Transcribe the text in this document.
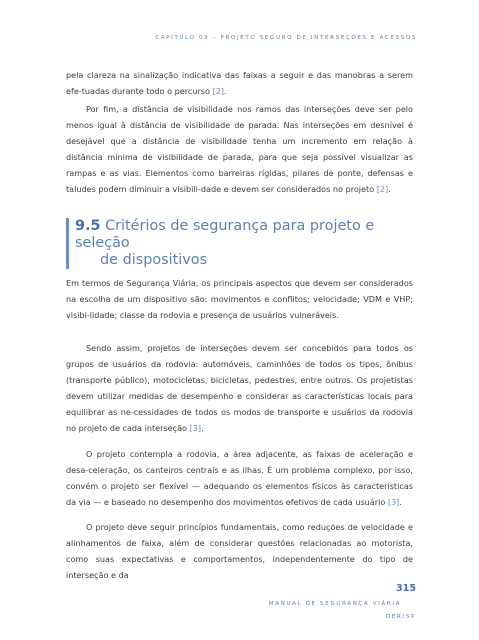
CAPÍTULO 09 – PROJETO SEGURO DE INTERSEÇÕES E ACESSOS

pela clareza na sinalização indicativa das faixas a seguir e das manobras a serem efe-tuadas durante todo o percurso [2].

Por fim, a distância de visibilidade nos ramos das interseções deve ser pelo menos igual à distância de visibilidade de parada. Nas interseções em desnível é desejável que a distância de visibilidade tenha um incremento em relação à distância mínima de visibilidade de parada, para que seja possível visualizar as rampas e as vias. Elementos como barreiras rígidas, pilares de ponte, defensas e taludes podem diminuir a visibili-dade e devem ser considerados no projeto [2].

9.5 Critérios de segurança para projeto e seleção
de dispositivos

Em termos de Segurança Viária, os principais aspectos que devem ser considerados na escolha de um dispositivo são: movimentos e conflitos; velocidade; VDM e VHP; visibi-lidade; classe da rodovia e presença de usuários vulneráveis.

Sendo assim, projetos de interseções devem ser concebidos para todos os grupos de usuários da rodovia: automóveis, caminhões de todos os tipos, ônibus (transporte público), motocicletas, bicicletas, pedestres, entre outros. Os projetistas devem utilizar medidas de desempenho e considerar as características locais para equilibrar as ne-cessidades de todos os modos de transporte e usuários da rodovia no projeto de cada interseção [3].

O projeto contempla a rodovia, a área adjacente, as faixas de aceleração e desa-celeração, os canteiros centrais e as ilhas. É um problema complexo, por isso, convém o projeto ser flexível — adequando os elementos físicos às características da via — e baseado no desempenho dos movimentos efetivos de cada usuário [3].

O projeto deve seguir princípios fundamentais, como reduções de velocidade e alinhamentos de faixa, além de considerar questões relacionadas ao motorista, como suas expectativas e comportamentos, independentemente do tipo de interseção e da

315
MANUAL DE SEGURANÇA VIÁRIA
DER/SP
